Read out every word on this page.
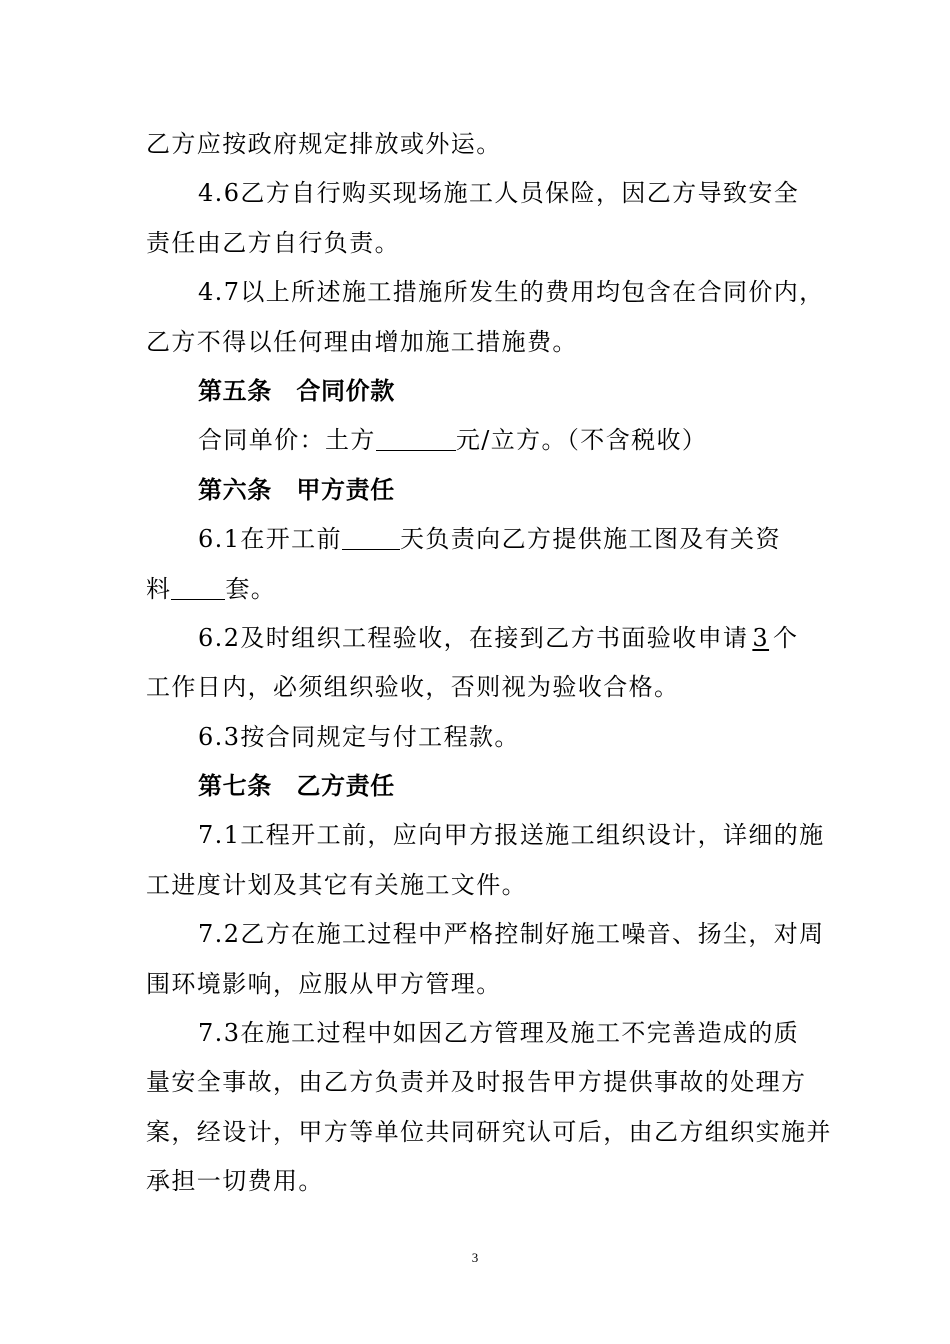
乙方应按政府规定排放或外运。
4.6乙方自行购买现场施工人员保险，因乙方导致安全
责任由乙方自行负责。
4.7以上所述施工措施所发生的费用均包含在合同价内，
乙方不得以任何理由增加施工措施费。
第五条　合同价款
合同单价：土方	元/立方。（不含税收）
第六条　甲方责任
6.1在开工前 天负责向乙方提供施工图及有关资
料 套。
6.2及时组织工程验收，在接到乙方书面验收申请 3 个
工作日内，必须组织验收，否则视为验收合格。
6.3按合同规定与付工程款。
第七条　乙方责任
7.1工程开工前，应向甲方报送施工组织设计，详细的施
工进度计划及其它有关施工文件。
7.2乙方在施工过程中严格控制好施工噪音、扬尘，对周
围环境影响，应服从甲方管理。
7.3在施工过程中如因乙方管理及施工不完善造成的质
量安全事故，由乙方负责并及时报告甲方提供事故的处理方
案，经设计，甲方等单位共同研究认可后，由乙方组织实施并
承担一切费用。
3
